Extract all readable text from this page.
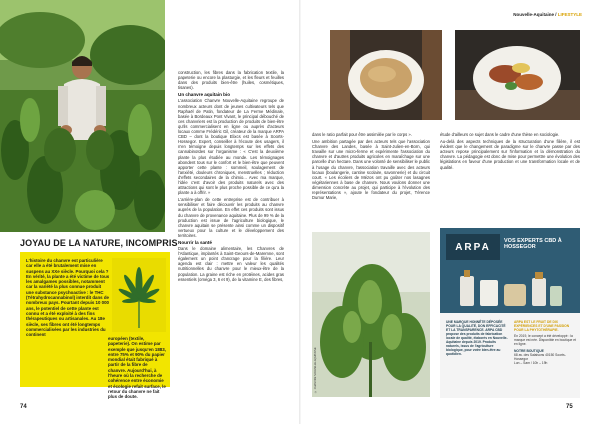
construction, les fibres dans la fabrication textile, la papeterie ou encore la plasturgie, et les fleurs et feuilles dans des produits bien-être (huiles, cosmétiques, tisanes).

Un chanvre aquitain bio

L'association Chanvre Nouvelle-Aquitaine regroupe de nombreux acteurs dont de jeunes cultivateurs tels que Raphaël de Patin, fondateur de La Ferme Médinale, basée à Bordeaux Pont Vivant, le principal débouché de ces chanvriers est la production de produits de bien-être qu'ils commercialisent en ligne ou auprès d'acteurs locaux comme Frédéric Gil, créateur de la marque ARPA CBD – dont la boutique Elixcs est basée à Soorts-Hossegor. Expert, conseiller à l'écoute des usagers, il n'en témoigne depuis longtemps sur les effets des cannabinoïdes sur l'organisme : « C'est la deuxième plante la plus étudiée au monde. Les témoignages abondent tous sur le confort et le bien-être que peuvent apporter cette plante : sommeil, soulagement de l'anxiété, douleurs chroniques, menstruelles ; réduction d'effets secondaires de la chimio... Avec ma marque, l'idée c'est d'avoir des produits naturels avec des attractions qui sont le plus proche possible de ce qu'a la plante a à offrir. »

L'arrière-plan de cette entreprise est de contribuer à sensibiliser et faire découvrir les produits au chanvre auprès de la population. En effet ces produits sont issus du chanvre de provenance aquitaine. Plus de 99 % de la production est issue de l'agriculture biologique, le chanvre aquitain se présente ainsi comme un dispositif vertueux pour la culture et le développement des territoires.

Nourrir la santé

Dans le domaine alimentaire, les Chanvres de l'Atlantique, implantés à Saint-Geours-de-Maremne, sont également un point d'ancrage pour la filière. Leur agenda est clair : mettre en valeur les qualités nutritionnelles du chanvre pour le mieux-être de la population. La graine est riche en protéines, acides gras essentiels (oméga 3, 6 et 9), de la vitamine E, des fibres,

JOYAU DE LA NATURE, INCOMPRIS
L'histoire du chanvre est particulière car elle a été brutalement mise en suspens au XXe siècle. Pourquoi cela ? En vérité, la plante a été victime de tous les amalgames possibles, notamment car la variété la plus connue produit une substance psychoactive : le THC (Tétrahydrocannabinol) interdit dans de nombreux pays. Pourtant depuis 10 000 ans, le potentiel de cette plante est connu et a été exploité à des fins thérapeutiques ou artisanales. Au 18e siècle, ses fibres ont été longtemps commercialisées par les industries du continent
européen (textile, papeterie). On estime par exemple que jusqu'en 1883, entre 75% et 90% du papier mondial était fabriqué à partir de la fibre de chanvre. Aujourd'hui, à l'heure où la recherche de cohérence entre économie et écologie refait surface, le retour du chanvre ne fait plus de doute.
74
Nouvelle-Aquitaine / LIFESTYLE

dans le ratio parfait pour être assimilée par le corps ».

Une ambition partagée par des acteurs tels que l'association Chanvre des Landes, basée à Saint-Julien-en-Born, qui travaille sur une micro-ferme et expérimente l'association du chanvre et d'autres produits agricoles en maraîchage sur une parcelle d'un hectare. Dans une volonté de sensibiliser le public à l'usage du chanvre, l'association travaille avec des acteurs locaux (boulangerie, cantine scolaire, savonnerie) et du circuit court. « Les écoliers de Mézos ont pu goûter nos lasagnes végétariennes à base de chanvre. Nous voulons donner une dimension concrète au projet, qui participe à l'évolution des représentations », ajoute le fondateur du projet, Térence Dumur Marie,

étude d'ailleurs ce sujet dans le cadre d'une thèse en sociologie.

Au-delà des aspects techniques de la structuration d'une filière, il est évident que le changement de paradigme sur le chanvre passe par des acteurs repose principalement sur l'information et la démonstration du chanvre. La pédagogie est donc de mise pour permettre une évolution des législations en faveur d'une production et une transformation locale et de qualité.

© CHANVRE NOUVELLE-AQUITAINE
ARPA
VOS EXPERTS CBD À HOSSEGOR
UNE MARQUE HONNÊTE DÉPOSÉE POUR LA QUALITÉ, DON EFFICACITÉ ET LA TRANSPARENCE. ARPA CBD propose des produits de fabrication locale de qualité, élaborés en Nouvelle-Aquitaine depuis 2019. Produits naturels, issus de l'agriculture biologique, pour votre bien-être au quotidien.
ARPA EST LE FRUIT DE DIX EXPÉRIENCES ET D'UNE PASSION POUR LA PHYTOTHÉRAPIE.
En 2019, le concept a été développé : la marque est née. Disponible en boutique et en ligne.
NOTRE BOUTIQUE
68 av. des Salaisons 40150 Soorts-Hossegor
Lun – Sam / 10h – 19h
75
